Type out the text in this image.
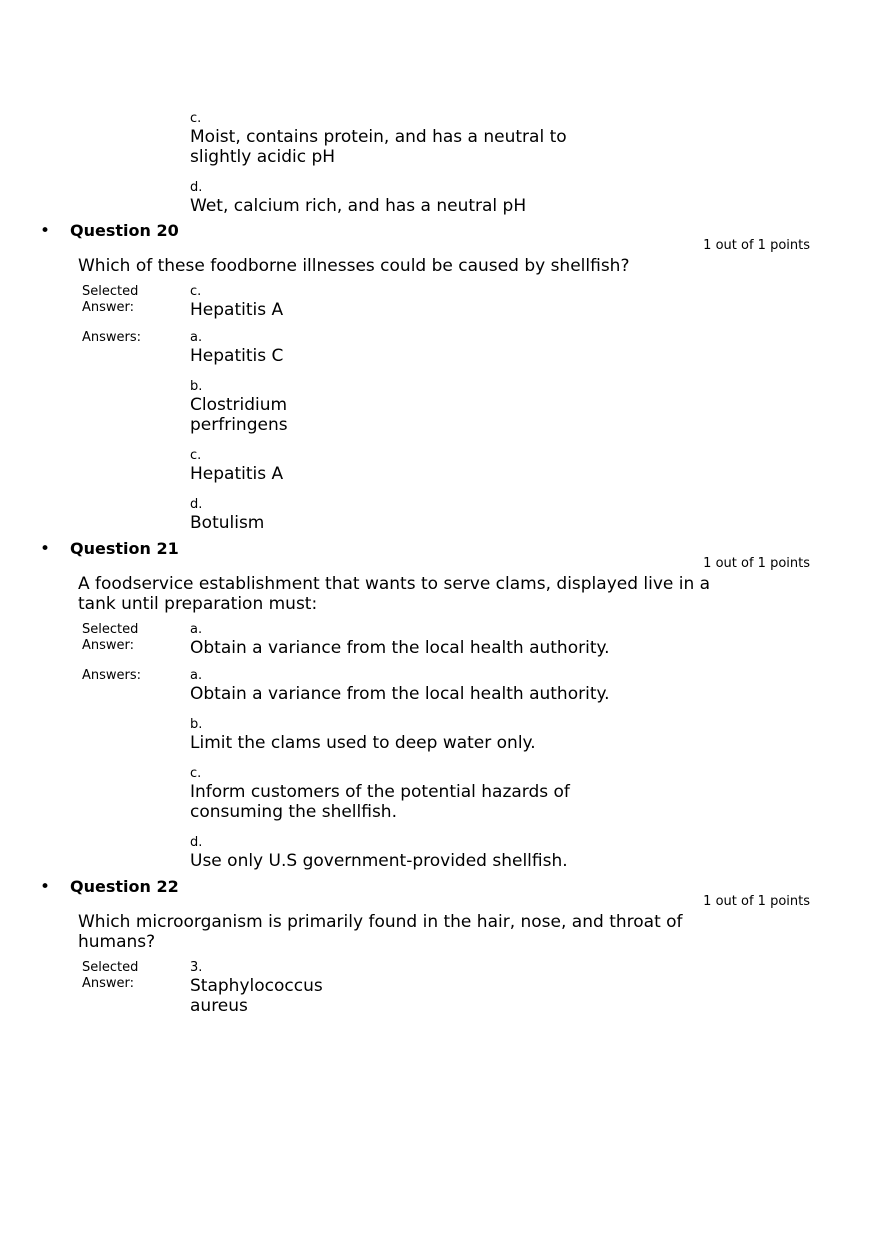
c.
Moist, contains protein, and has a neutral to slightly acidic pH
d.
Wet, calcium rich, and has a neutral pH
• Question 20
1 out of 1 points
Which of these foodborne illnesses could be caused by shellfish?
Selected Answer:
c.
Hepatitis A
Answers:	a.
Hepatitis C
b.
Clostridium perfringens
c.
Hepatitis A
d.
Botulism
• Question 21
1 out of 1 points
A foodservice establishment that wants to serve clams, displayed live in a tank until preparation must:
Selected Answer:
a.
Obtain a variance from the local health authority.
Answers:	a.
Obtain a variance from the local health authority.
b.
Limit the clams used to deep water only.
c.
Inform customers of the potential hazards of consuming the shellfish.
d.
Use only U.S government-provided shellfish.
• Question 22
1 out of 1 points
Which microorganism is primarily found in the hair, nose, and throat of humans?
Selected Answer:
3.
Staphylococcus aureus
